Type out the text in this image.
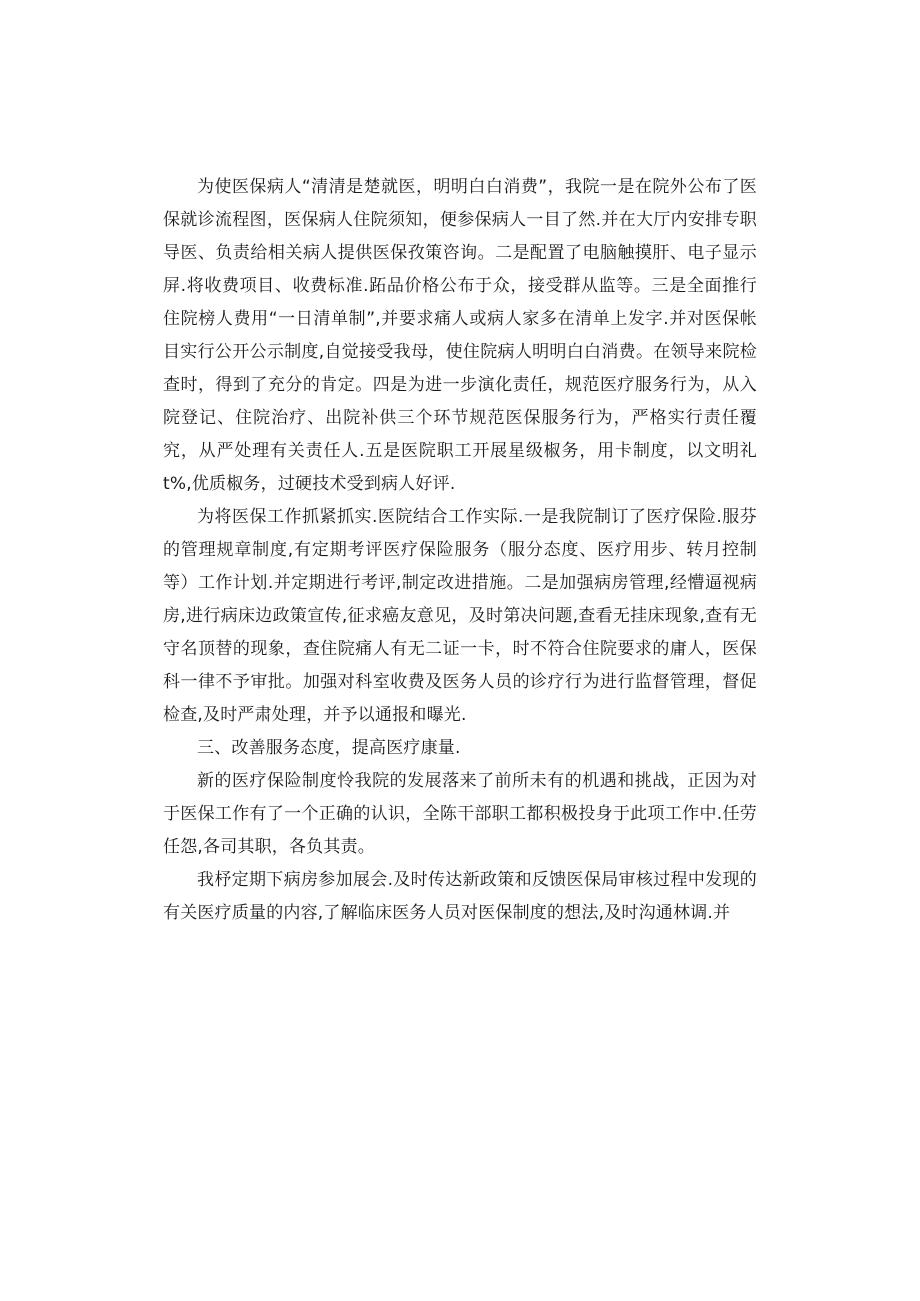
为使医保病人“清清是楚就医，明明白白消费”，我院一是在院外公布了医保就诊流程图，医保病人住院须知，便参保病人一目了然.并在大厅内安排专职导医、负责给相关病人提供医保孜策咨询。二是配置了电脑触摸肝、电子显示屏.将收费项目、收费标准.跖品价格公布于众，接受群从监等。三是全面推行住院榜人费用“一日清单制”,并要求痛人或病人家多在清单上发字.并对医保帐目实行公开公示制度,自觉接受我母，使住院病人明明白白消费。在领导来院检查时，得到了充分的肯定。四是为进一步演化责任，规范医疗服务行为，从入院登记、住院治疗、出院补供三个环节规范医保服务行为，严格实行责任覆究，从严处理有关责任人.五是医院职工开展星级椒务，用卡制度，以文明礼t%,优质椒务，过硬技术受到病人好评.

为将医保工作抓紧抓实.医院结合工作实际.一是我院制订了医疗保险.服芬的管理规章制度,有定期考评医疗保险服务（服分态度、医疗用步、转月控制等）工作计划.并定期进行考评,制定改进措施。二是加强病房管理,经懵逼视病房,进行病床边政策宣传,征求癌友意见，及时第决问题,查看无挂床现象,查有无守名顶替的现象，查住院痛人有无二证一卡，时不符合住院要求的庸人，医保科一律不予审批。加强对科室收费及医务人员的诊疗行为进行监督管理，督促检查,及时严肃处理，并予以通报和曝光.

三、改善服务态度，提高医疗康量.

新的医疗保险制度怜我院的发展落来了前所未有的机遇和挑战，正因为对于医保工作有了一个正确的认识，全陈干部职工都积极投身于此项工作中.任劳任怨,各司其职，各负其责。

我杼定期下病房参加展会.及时传达新政策和反馈医保局审核过程中发现的有关医疗质量的内容,了解临床医务人员对医保制度的想法,及时沟通林调.并
